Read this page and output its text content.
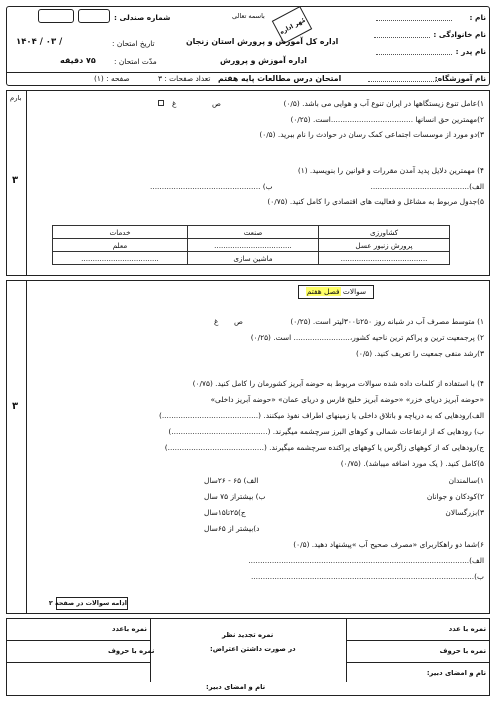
نام :
نام خانوادگی :
نام پدر :
نام آموزشگاه:
باسمه تعالی
مُهر اداره
اداره کل آموزش و پرورش استان زنجان
اداره آموزش و پرورش
شماره صندلی :
تاریخ امتحان :
/ ۰۳ / ۱۴۰۴
مدّت امتحان :
۷۵ دقیقه
امتحان درس مطالعات پایه هفتم
تعداد صفحات : ۳
صفحه : (۱)
بارم
۳
۱)عامل تنوع زیستگاهها در ایران تنوع آب و هوایی می باشد. (۰/۵)
ص
غ
۲)مهمترین حق انسانها ...................................است. (۰/۲۵)
۳)دو مورد از موسسات اجتماعی کمک رسان در حوادث را نام ببرید. (۰/۵)
۴) مهمترین دلایل پدید آمدن مقررات و قوانین را بنویسید. (۱)
الف)..........................................
ب) ...............................................
۵)جدول مربوط به مشاغل و فعالیت های اقتصادی را کامل کنید. (۰/۷۵)
کشاورزی	صنعت	خدمات
پرورش زنبور عسل	..................................	معلم
......................................	ماشین سازی	..................................
۳
سوالات فصل هفتم
۱) متوسط مصرف آب در شبانه روز ۲۵۰تا۳۰۰لیتر است. (۰/۲۵)
ص
غ
۲) پرجمعیت ترین و پراکم ترین ناحیه کشور،........................ است. (۰/۲۵)
۳)رشد منفی جمعیت را تعریف کنید. (۰/۵)
۴) با استفاده از کلمات داده شده سوالات مربوط به حوضه آبریز کشورمان را کامل کنید. (۰/۷۵)
«حوضه آبریز دریای خزر» «حوضه آبریز خلیج فارس و دریای عمان» «حوضه آبریز داخلی»
الف)رودهایی که به دریاچه و باتلاق داخلی یا زمینهای اطراف نفوذ میکنند. (.........................................)
ب) رودهایی که از ارتفاعات شمالی و کوهای البرز سرچشمه میگیرند. (.........................................)
ج)رودهایی که از کوههای زاگرس یا کوههای پراکنده سرچشمه میگیرند. (.........................................)
۵)کامل کنید. ( یک مورد اضافه میباشد). (۰/۷۵)
۱)سالمندان
۲)کودکان و جوانان
۳)بزرگسالان
الف) ۶۵ - ۲۶سال
ب) بیشتراز ۷۵ سال
ج)۲۵تا۱۵سال
د)بیشتر از ۶۵سال
۶)شما دو راهکاربرای «مصرف صحیح آب »پیشنهاد دهید. (۰/۵)
الف)..............................................................................................
ب)...............................................................................................
ادامه سوالات در صفحه ۲
نمره با عدد
نمره با حروف
نام و امضای دبیر:
نمره تجدید نظر
در صورت داشتن اعتراض:
نمره باعدد
نمره با حروف
نام و امضای دبیر:
